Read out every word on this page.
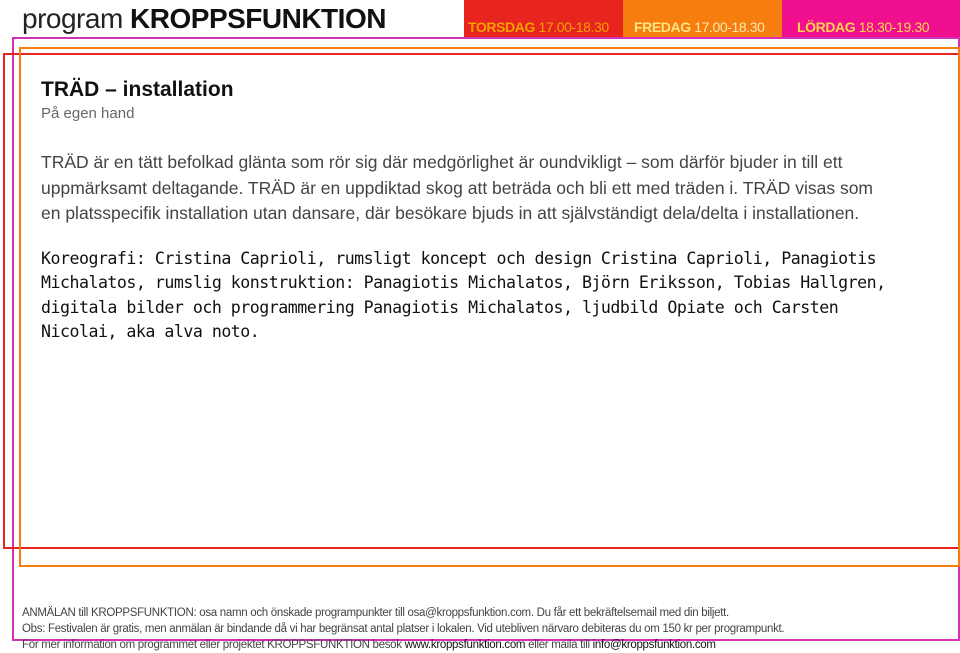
program KROPPSFUNKTION	TORSDAG 17.00-18.30	FREDAG 17.00-18.30	LÖRDAG 18.30-19.30
TRÄD – installation

På egen hand

TRÄD är en tätt befolkad glänta som rör sig där medgörlighet är oundvikligt – som därför bjuder in till ett uppmärksamt deltagande. TRÄD är en uppdiktad skog att beträda och bli ett med träden i. TRÄD visas som en platsspecifik installation utan dansare, där besökare bjuds in att självständigt dela/delta i installationen.
Koreografi: Cristina Caprioli, rumsligt koncept och design Cristina Caprioli, Panagiotis Michalatos, rumslig konstruktion: Panagiotis Michalatos, Björn Eriksson, Tobias Hallgren, digitala bilder och programmering Panagiotis Michalatos, ljudbild Opiate och Carsten Nicolai, aka alva noto.
ANMÄLAN till KROPPSFUNKTION: osa namn och önskade programpunkter till osa@kroppsfunktion.com. Du får ett bekräftelsemail med din biljett.
Obs: Festivalen är gratis, men anmälan är bindande då vi har begränsat antal platser i lokalen. Vid utebliven närvaro debiteras du om 150 kr per programpunkt.
För mer information om programmet eller projektet KROPPSFUNKTION besök www.kroppsfunktion.com eller maila till info@kroppsfunktion.com
